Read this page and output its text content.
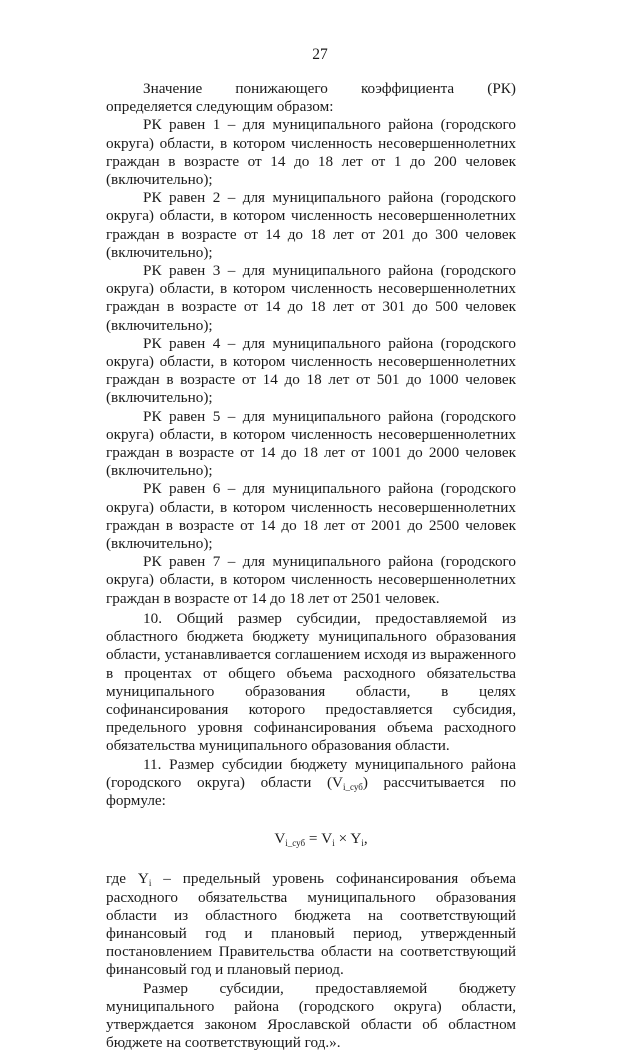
27

Значение понижающего коэффициента (РК) определяется следующим образом:

РК равен 1 – для муниципального района (городского округа) области, в котором численность несовершеннолетних граждан в возрасте от 14 до 18 лет от 1 до 200 человек (включительно);

РК равен 2 – для муниципального района (городского округа) области, в котором численность несовершеннолетних граждан в возрасте от 14 до 18 лет от 201 до 300 человек (включительно);

РК равен 3 – для муниципального района (городского округа) области, в котором численность несовершеннолетних граждан в возрасте от 14 до 18 лет от 301 до 500 человек (включительно);

РК равен 4 – для муниципального района (городского округа) области, в котором численность несовершеннолетних граждан в возрасте от 14 до 18 лет от 501 до 1000 человек (включительно);

РК равен 5 – для муниципального района (городского округа) области, в котором численность несовершеннолетних граждан в возрасте от 14 до 18 лет от 1001 до 2000 человек (включительно);

РК равен 6 – для муниципального района (городского округа) области, в котором численность несовершеннолетних граждан в возрасте от 14 до 18 лет от 2001 до 2500 человек (включительно);

РК равен 7 – для муниципального района (городского округа) области, в котором численность несовершеннолетних граждан в возрасте от 14 до 18 лет от 2501 человек.

10. Общий размер субсидии, предоставляемой из областного бюджета бюджету муниципального образования области, устанавливается соглашением исходя из выраженного в процентах от общего объема расходного обязательства муниципального образования области, в целях софинансирования которого предоставляется субсидия, предельного уровня софинансирования объема расходного обязательства муниципального образования области.

11. Размер субсидии бюджету муниципального района (городского округа) области $(V_{i\_суб})$ рассчитывается по формуле:

$V_{i\_суб} = V_i \times Y_i$,

где $Y_i$ – предельный уровень софинансирования объема расходного обязательства муниципального образования области из областного бюджета на соответствующий финансовый год и плановый период, утвержденный постановлением Правительства области на соответствующий финансовый год и плановый период.

Размер субсидии, предоставляемой бюджету муниципального района (городского округа) области, утверждается законом Ярославской области об областном бюджете на соответствующий год.».
